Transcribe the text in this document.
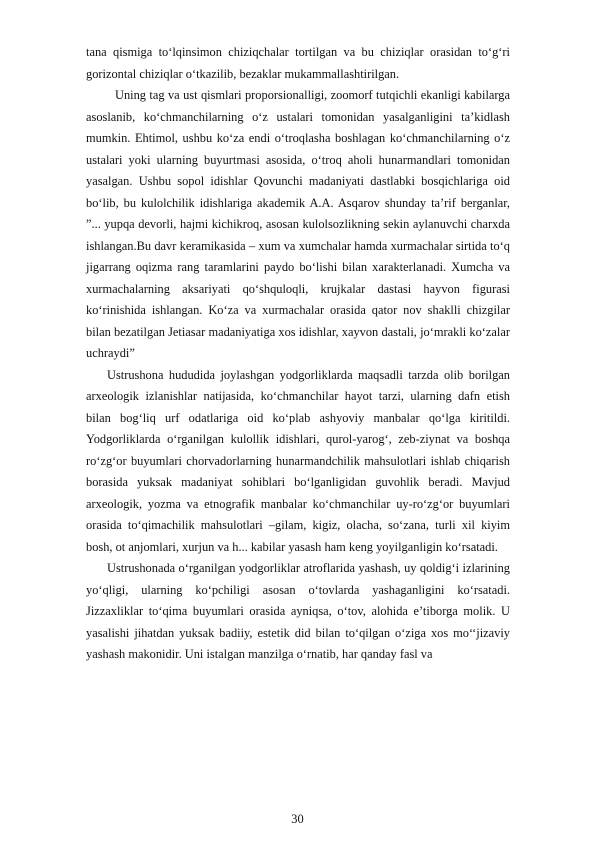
tana qismiga to‘lqinsimon chiziqchalar tortilgan va bu chiziqlar orasidan to‘g‘ri gorizontal chiziqlar o‘tkazilib, bezaklar mukammallashtirilgan.

Uning tag va ust qismlari proporsionalligi, zoomorf tutqichli ekanligi kabilarga asoslanib, ko‘chmanchilarning o‘z ustalari tomonidan yasalganligini ta’kidlash mumkin. Ehtimol, ushbu ko‘za endi o‘troqlasha boshlagan ko‘chmanchilarning o‘z ustalari yoki ularning buyurtmasi asosida, o‘troq aholi hunarmandlari tomonidan yasalgan. Ushbu sopol idishlar Qovunchi madaniyati dastlabki bosqichlariga oid bo‘lib, bu kulolchilik idishlariga akademik A.A. Asqarov shunday ta’rif berganlar, ”... yupqa devorli, hajmi kichikroq, asosan kulolsozlikning sekin aylanuvchi charxda ishlangan.Bu davr keramikasida – xum va xumchalar hamda xurmachalar sirtida to‘q jigarrang oqizma rang taramlarini paydo bo‘lishi bilan xarakterlanadi. Xumcha va xurmachalarning aksariyati qo‘shquloqli, krujkalar dastasi hayvon figurasi ko‘rinishida ishlangan. Ko‘za va xurmachalar orasida qator nov shaklli chizgilar bilan bezatilgan Jetiasar madaniyatiga xos idishlar, xayvon dastali, jo‘mrakli ko‘zalar uchraydi”

Ustrushona hududida joylashgan yodgorliklarda maqsadli tarzda olib borilgan arxeologik izlanishlar natijasida, ko‘chmanchilar hayot tarzi, ularning dafn etish bilan bog‘liq urf odatlariga oid ko‘plab ashyoviy manbalar qo‘lga kiritildi. Yodgorliklarda o‘rganilgan kulollik idishlari, qurol-yarog‘, zeb-ziynat va boshqa ro‘zg‘or buyumlari chorvadorlarning hunarmandchilik mahsulotlari ishlab chiqarish borasida yuksak madaniyat sohiblari bo‘lganligidan guvohlik beradi. Mavjud arxeologik, yozma va etnografik manbalar ko‘chmanchilar uy-ro‘zg‘or buyumlari orasida to‘qimachilik mahsulotlari –gilam, kigiz, olacha, so‘zana, turli xil kiyim bosh, ot anjomlari, xurjun va h... kabilar yasash ham keng yoyilganligin ko‘rsatadi.

Ustrushonada o‘rganilgan yodgorliklar atroflarida yashash, uy qoldig‘i izlarining yo‘qligi, ularning ko‘pchiligi asosan o‘tovlarda yashaganligini ko‘rsatadi. Jizzaxliklar to‘qima buyumlari orasida ayniqsa, o‘tov, alohida e’tiborga molik. U yasalishi jihatdan yuksak badiiy, estetik did bilan to‘qilgan o‘ziga xos mo‘‘jizaviy yashash makonidir. Uni istalgan manzilga o‘rnatib, har qanday fasl va

30
